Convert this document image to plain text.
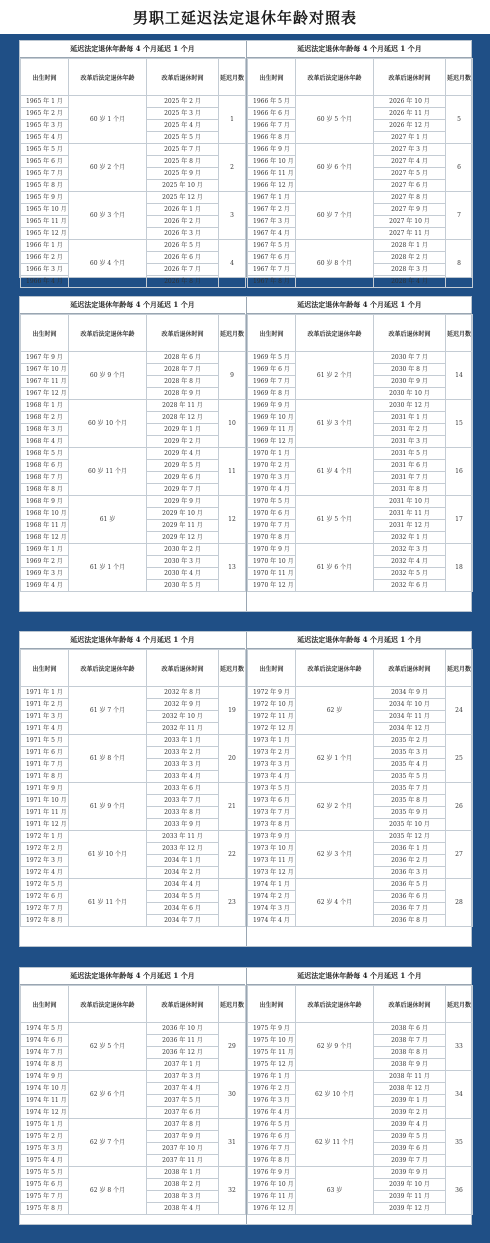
男职工延迟法定退休年龄对照表
延迟法定退休年龄每 4 个月延迟 1 个月
出生时间	改革后法定退休年龄	改革后退休时间	延迟月数
1965 年 1 月	60 岁 1 个月	2025 年 2 月	1
1965 年 2 月		2025 年 3 月	
1965 年 3 月		2025 年 4 月	
1965 年 4 月		2025 年 5 月	
1965 年 5 月	60 岁 2 个月	2025 年 7 月	2
1965 年 6 月		2025 年 8 月	
1965 年 7 月		2025 年 9 月	
1965 年 8 月		2025 年 10 月	
1965 年 9 月	60 岁 3 个月	2025 年 12 月	3
1965 年 10 月		2026 年 1 月	
1965 年 11 月		2026 年 2 月	
1965 年 12 月		2026 年 3 月	
1966 年 1 月	60 岁 4 个月	2026 年 5 月	4
1966 年 2 月		2026 年 6 月	
1966 年 3 月		2026 年 7 月	
1966 年 4 月		2026 年 8 月	
延迟法定退休年龄每 4 个月延迟 1 个月
出生时间	改革后法定退休年龄	改革后退休时间	延迟月数
1966 年 5 月	60 岁 5 个月	2026 年 10 月	5
1966 年 6 月		2026 年 11 月	
1966 年 7 月		2026 年 12 月	
1966 年 8 月		2027 年 1 月	
1966 年 9 月	60 岁 6 个月	2027 年 3 月	6
1966 年 10 月		2027 年 4 月	
1966 年 11 月		2027 年 5 月	
1966 年 12 月		2027 年 6 月	
1967 年 1 月	60 岁 7 个月	2027 年 8 月	7
1967 年 2 月		2027 年 9 月	
1967 年 3 月		2027 年 10 月	
1967 年 4 月		2027 年 11 月	
1967 年 5 月	60 岁 8 个月	2028 年 1 月	8
1967 年 6 月		2028 年 2 月	
1967 年 7 月		2028 年 3 月	
1967 年 8 月		2028 年 4 月	
延迟法定退休年龄每 4 个月延迟 1 个月
出生时间	改革后法定退休年龄	改革后退休时间	延迟月数
1967 年 9 月	60 岁 9 个月	2028 年 6 月	9
1967 年 10 月		2028 年 7 月	
1967 年 11 月		2028 年 8 月	
1967 年 12 月		2028 年 9 月	
1968 年 1 月	60 岁 10 个月	2028 年 11 月	10
1968 年 2 月		2028 年 12 月	
1968 年 3 月		2029 年 1 月	
1968 年 4 月		2029 年 2 月	
1968 年 5 月	60 岁 11 个月	2029 年 4 月	11
1968 年 6 月		2029 年 5 月	
1968 年 7 月		2029 年 6 月	
1968 年 8 月		2029 年 7 月	
1968 年 9 月	61 岁	2029 年 9 月	12
1968 年 10 月		2029 年 10 月	
1968 年 11 月		2029 年 11 月	
1968 年 12 月		2029 年 12 月	
1969 年 1 月	61 岁 1 个月	2030 年 2 月	13
1969 年 2 月		2030 年 3 月	
1969 年 3 月		2030 年 4 月	
1969 年 4 月		2030 年 5 月	
延迟法定退休年龄每 4 个月延迟 1 个月
出生时间	改革后法定退休年龄	改革后退休时间	延迟月数
1969 年 5 月	61 岁 2 个月	2030 年 7 月	14
1969 年 6 月		2030 年 8 月	
1969 年 7 月		2030 年 9 月	
1969 年 8 月		2030 年 10 月	
1969 年 9 月	61 岁 3 个月	2030 年 12 月	15
1969 年 10 月		2031 年 1 月	
1969 年 11 月		2031 年 2 月	
1969 年 12 月		2031 年 3 月	
1970 年 1 月	61 岁 4 个月	2031 年 5 月	16
1970 年 2 月		2031 年 6 月	
1970 年 3 月		2031 年 7 月	
1970 年 4 月		2031 年 8 月	
1970 年 5 月	61 岁 5 个月	2031 年 10 月	17
1970 年 6 月		2031 年 11 月	
1970 年 7 月		2031 年 12 月	
1970 年 8 月		2032 年 1 月	
1970 年 9 月	61 岁 6 个月	2032 年 3 月	18
1970 年 10 月		2032 年 4 月	
1970 年 11 月		2032 年 5 月	
1970 年 12 月		2032 年 6 月	
延迟法定退休年龄每 4 个月延迟 1 个月
出生时间	改革后法定退休年龄	改革后退休时间	延迟月数
1971 年 1 月	61 岁 7 个月	2032 年 8 月	19
1971 年 2 月		2032 年 9 月	
1971 年 3 月		2032 年 10 月	
1971 年 4 月		2032 年 11 月	
1971 年 5 月	61 岁 8 个月	2033 年 1 月	20
1971 年 6 月		2033 年 2 月	
1971 年 7 月		2033 年 3 月	
1971 年 8 月		2033 年 4 月	
1971 年 9 月	61 岁 9 个月	2033 年 6 月	21
1971 年 10 月		2033 年 7 月	
1971 年 11 月		2033 年 8 月	
1971 年 12 月		2033 年 9 月	
1972 年 1 月	61 岁 10 个月	2033 年 11 月	22
1972 年 2 月		2033 年 12 月	
1972 年 3 月		2034 年 1 月	
1972 年 4 月		2034 年 2 月	
1972 年 5 月	61 岁 11 个月	2034 年 4 月	23
1972 年 6 月		2034 年 5 月	
1972 年 7 月		2034 年 6 月	
1972 年 8 月		2034 年 7 月	
延迟法定退休年龄每 4 个月延迟 1 个月
出生时间	改革后法定退休年龄	改革后退休时间	延迟月数
1972 年 9 月	62 岁	2034 年 9 月	24
1972 年 10 月		2034 年 10 月	
1972 年 11 月		2034 年 11 月	
1972 年 12 月		2034 年 12 月	
1973 年 1 月	62 岁 1 个月	2035 年 2 月	25
1973 年 2 月		2035 年 3 月	
1973 年 3 月		2035 年 4 月	
1973 年 4 月		2035 年 5 月	
1973 年 5 月	62 岁 2 个月	2035 年 7 月	26
1973 年 6 月		2035 年 8 月	
1973 年 7 月		2035 年 9 月	
1973 年 8 月		2035 年 10 月	
1973 年 9 月	62 岁 3 个月	2035 年 12 月	27
1973 年 10 月		2036 年 1 月	
1973 年 11 月		2036 年 2 月	
1973 年 12 月		2036 年 3 月	
1974 年 1 月	62 岁 4 个月	2036 年 5 月	28
1974 年 2 月		2036 年 6 月	
1974 年 3 月		2036 年 7 月	
1974 年 4 月		2036 年 8 月	
延迟法定退休年龄每 4 个月延迟 1 个月
出生时间	改革后法定退休年龄	改革后退休时间	延迟月数
1974 年 5 月	62 岁 5 个月	2036 年 10 月	29
1974 年 6 月		2036 年 11 月	
1974 年 7 月		2036 年 12 月	
1974 年 8 月		2037 年 1 月	
1974 年 9 月	62 岁 6 个月	2037 年 3 月	30
1974 年 10 月		2037 年 4 月	
1974 年 11 月		2037 年 5 月	
1974 年 12 月		2037 年 6 月	
1975 年 1 月	62 岁 7 个月	2037 年 8 月	31
1975 年 2 月		2037 年 9 月	
1975 年 3 月		2037 年 10 月	
1975 年 4 月		2037 年 11 月	
1975 年 5 月	62 岁 8 个月	2038 年 1 月	32
1975 年 6 月		2038 年 2 月	
1975 年 7 月		2038 年 3 月	
1975 年 8 月		2038 年 4 月	
延迟法定退休年龄每 4 个月延迟 1 个月
出生时间	改革后法定退休年龄	改革后退休时间	延迟月数
1975 年 9 月	62 岁 9 个月	2038 年 6 月	33
1975 年 10 月		2038 年 7 月	
1975 年 11 月		2038 年 8 月	
1975 年 12 月		2038 年 9 月	
1976 年 1 月	62 岁 10 个月	2038 年 11 月	34
1976 年 2 月		2038 年 12 月	
1976 年 3 月		2039 年 1 月	
1976 年 4 月		2039 年 2 月	
1976 年 5 月	62 岁 11 个月	2039 年 4 月	35
1976 年 6 月		2039 年 5 月	
1976 年 7 月		2039 年 6 月	
1976 年 8 月		2039 年 7 月	
1976 年 9 月	63 岁	2039 年 9 月	36
1976 年 10 月		2039 年 10 月	
1976 年 11 月		2039 年 11 月	
1976 年 12 月		2039 年 12 月	
